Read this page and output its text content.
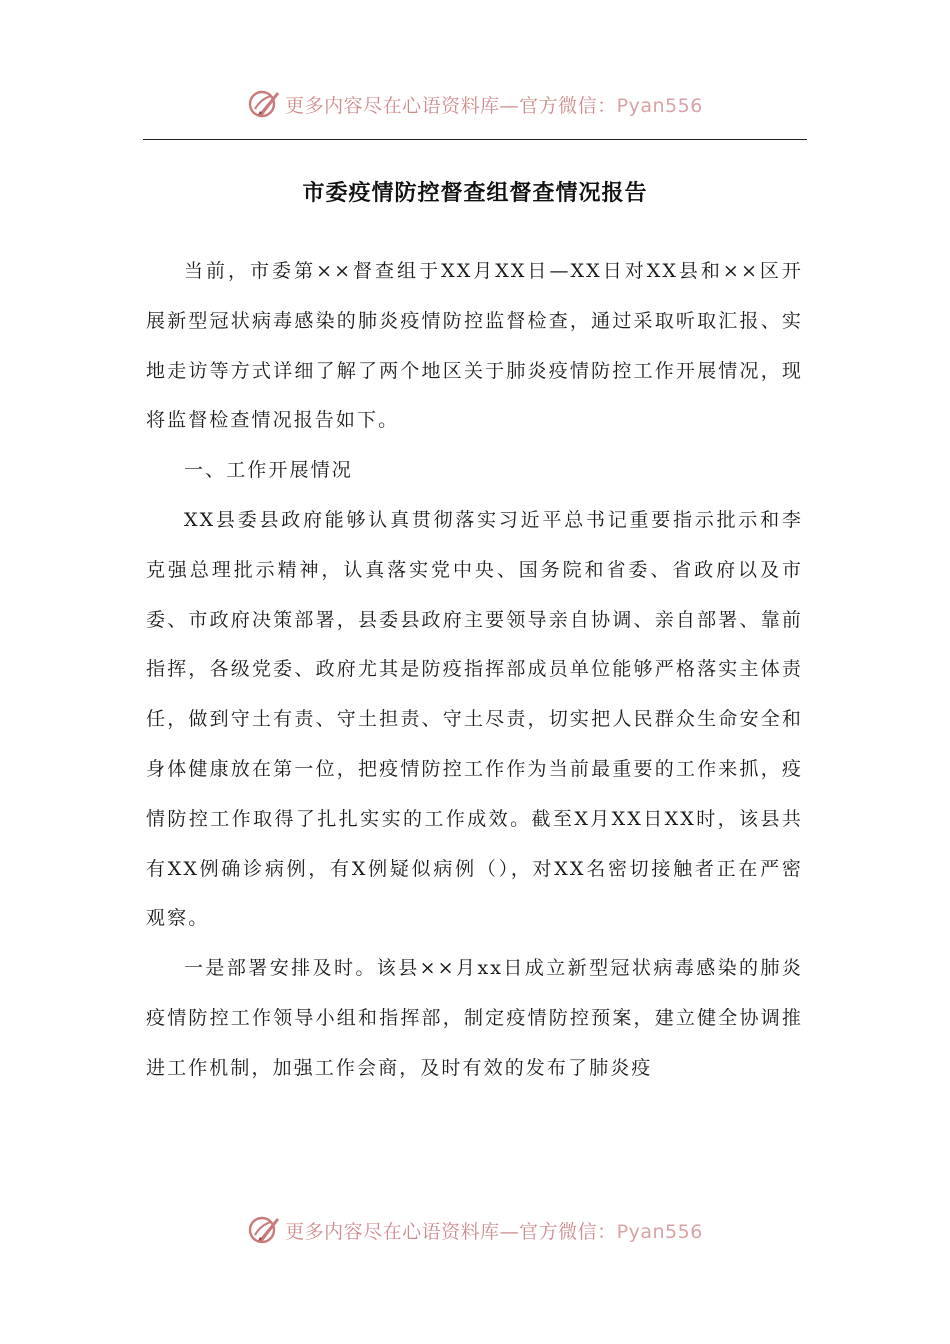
更多内容尽在心语资料库—官方微信：Pyan556
市委疫情防控督查组督查情况报告

当前，市委第××督查组于XX月XX日—XX日对XX县和××区开展新型冠状病毒感染的肺炎疫情防控监督检查，通过采取听取汇报、实地走访等方式详细了解了两个地区关于肺炎疫情防控工作开展情况，现将监督检查情况报告如下。

一、工作开展情况

XX县委县政府能够认真贯彻落实习近平总书记重要指示批示和李克强总理批示精神，认真落实党中央、国务院和省委、省政府以及市委、市政府决策部署，县委县政府主要领导亲自协调、亲自部署、靠前指挥，各级党委、政府尤其是防疫指挥部成员单位能够严格落实主体责任，做到守土有责、守土担责、守土尽责，切实把人民群众生命安全和身体健康放在第一位，把疫情防控工作作为当前最重要的工作来抓，疫情防控工作取得了扎扎实实的工作成效。截至X月XX日XX时，该县共有XX例确诊病例，有X例疑似病例（），对XX名密切接触者正在严密观察。

一是部署安排及时。该县××月xx日成立新型冠状病毒感染的肺炎疫情防控工作领导小组和指挥部，制定疫情防控预案，建立健全协调推进工作机制，加强工作会商，及时有效的发布了肺炎疫

更多内容尽在心语资料库—官方微信：Pyan556
